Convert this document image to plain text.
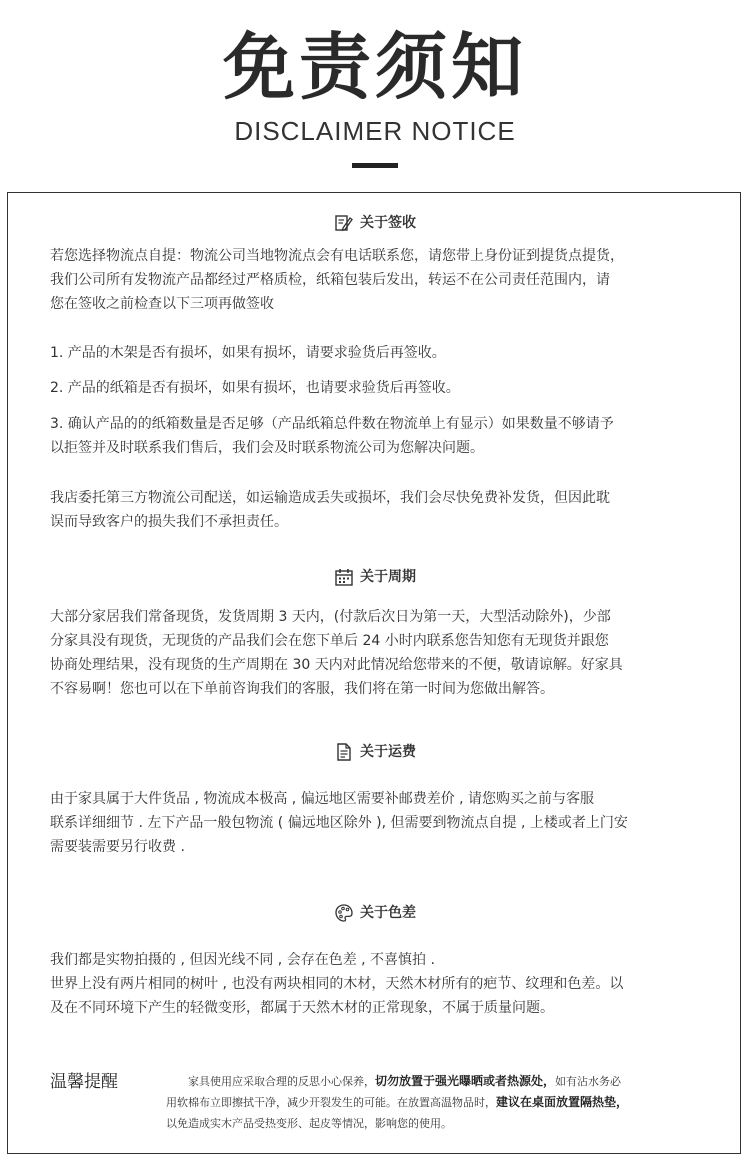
免责须知
DISCLAIMER NOTICE
关于签收
若您选择物流点自提：物流公司当地物流点会有电话联系您，请您带上身份证到提货点提货，
我们公司所有发物流产品都经过严格质检，纸箱包装后发出，转运不在公司责任范围内，请
您在签收之前检查以下三项再做签收
1. 产品的木架是否有损坏，如果有损坏，请要求验货后再签收。
2. 产品的纸箱是否有损坏，如果有损坏，也请要求验货后再签收。
3. 确认产品的的纸箱数量是否足够（产品纸箱总件数在物流单上有显示）如果数量不够请予
以拒签并及时联系我们售后，我们会及时联系物流公司为您解决问题。
我店委托第三方物流公司配送，如运输造成丢失或损坏，我们会尽快免费补发货，但因此耽
误而导致客户的损失我们不承担责任。
关于周期
大部分家居我们常备现货，发货周期 3 天内，(付款后次日为第一天，大型活动除外)，少部
分家具没有现货，无现货的产品我们会在您下单后 24 小时内联系您告知您有无现货并跟您
协商处理结果，没有现货的生产周期在 30 天内对此情况给您带来的不便，敬请谅解。好家具
不容易啊！您也可以在下单前咨询我们的客服，我们将在第一时间为您做出解答。
关于运费
由于家具属于大件货品 , 物流成本极高 , 偏远地区需要补邮费差价 , 请您购买之前与客服
联系详细细节 . 左下产品一般包物流 ( 偏远地区除外 ), 但需要到物流点自提 , 上楼或者上门安
需要装需要另行收费 .
关于色差
我们都是实物拍摄的 , 但因光线不同 , 会存在色差 , 不喜慎拍 .
世界上没有两片相同的树叶 , 也没有两块相同的木材，天然木材所有的疤节、纹理和色差。以
及在不同环境下产生的轻微变形，都属于天然木材的正常现象，不属于质量问题。
温馨提醒
  	家具使用应采取合理的反思小心保养，切勿放置于强光曝晒或者热源处，如有沾水务必
用软棉布立即擦拭干净，减少开裂发生的可能。在放置高温物品时，建议在桌面放置隔热垫，
以免造成实木产品受热变形、起皮等情况，影响您的使用。
